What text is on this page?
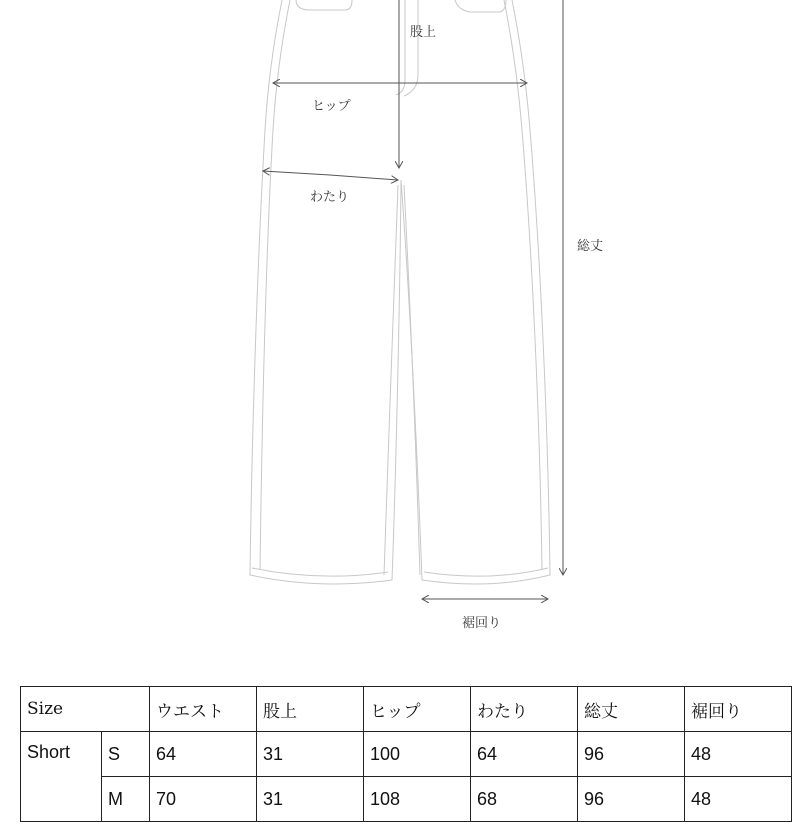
股上
ヒップ
わたり
総丈
裾回り
Size		ウエスト	股上	ヒップ	わたり	総丈	裾回り
Short	S	64	31	100	64	96	48
	M	70	31	108	68	96	48
